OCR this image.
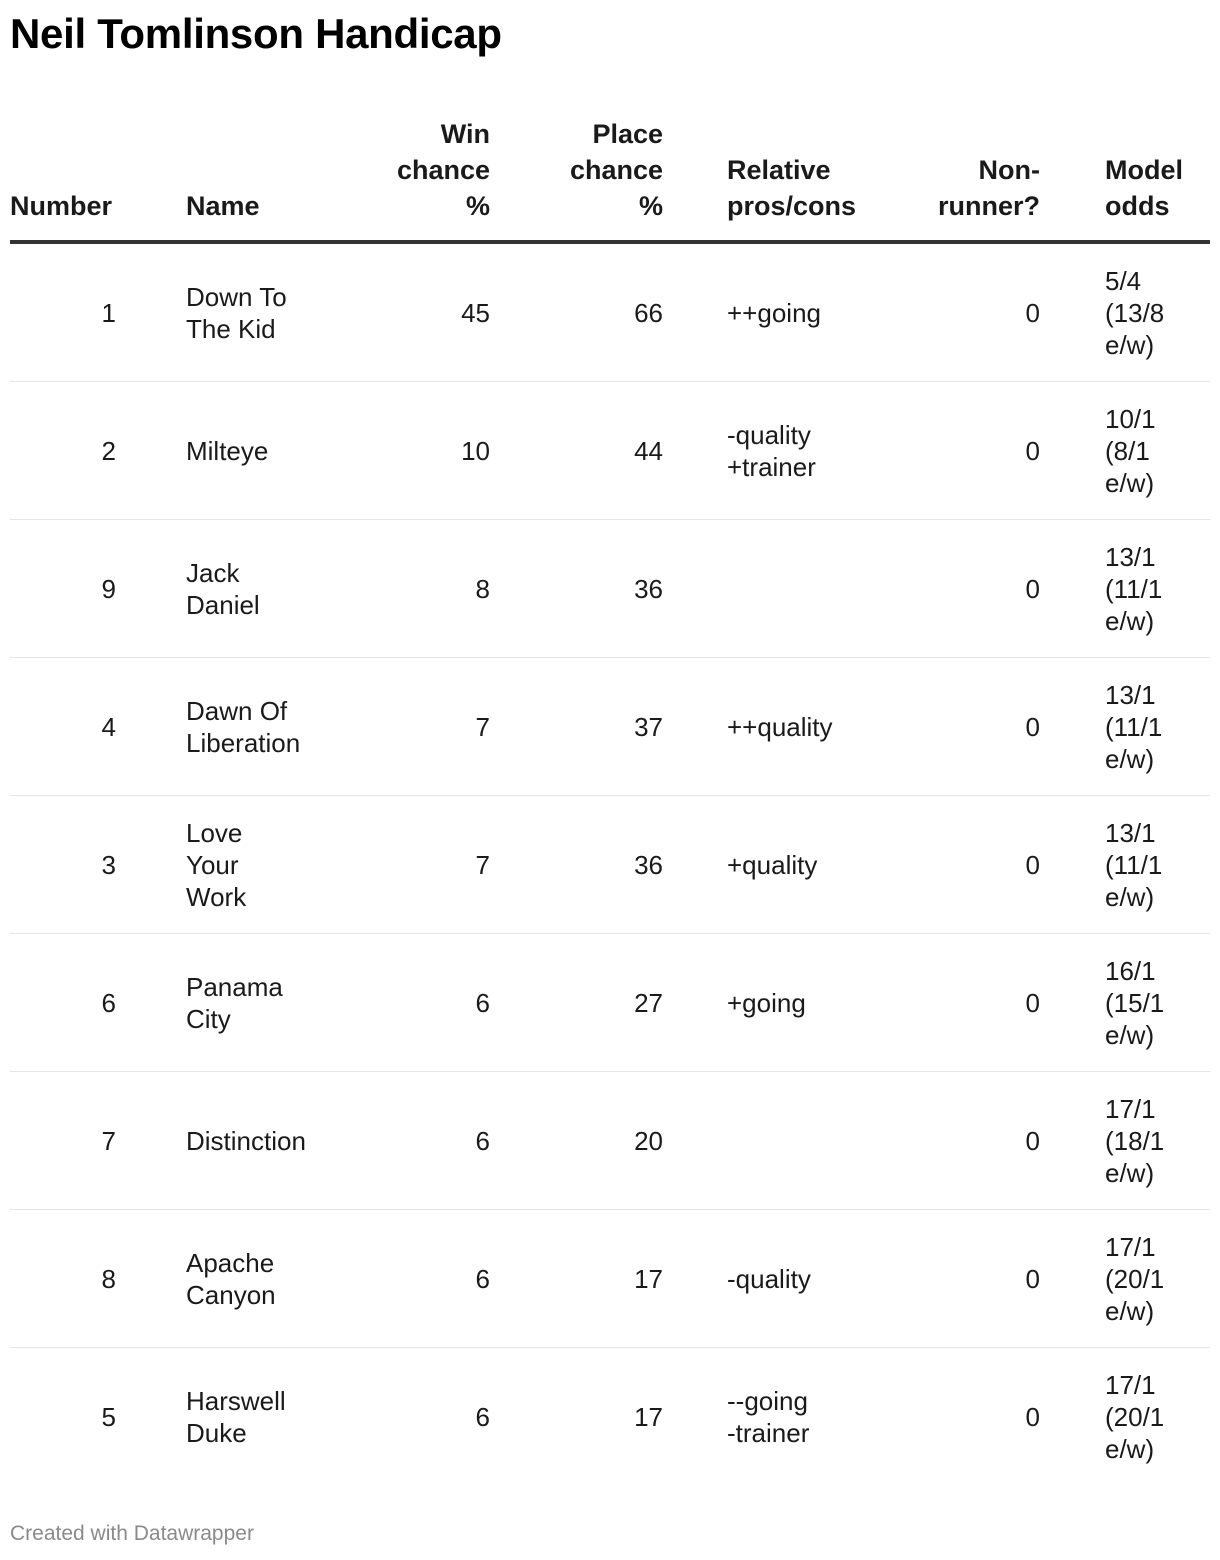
Neil Tomlinson Handicap
Number	Name	Win
chance
%	Place
chance
%	Relative
pros/cons	Non-
runner?	Model
odds
1	Down To
The Kid	45	66	++going	0	5/4
(13/8
e/w)
2	Milteye	10	44	-quality
+trainer	0	10/1
(8/1
e/w)
9	Jack
Daniel	8	36		0	13/1
(11/1
e/w)
4	Dawn Of
Liberation	7	37	++quality	0	13/1
(11/1
e/w)
3	Love Your
Work	7	36	+quality	0	13/1
(11/1
e/w)
6	Panama
City	6	27	+going	0	16/1
(15/1
e/w)
7	Distinction	6	20		0	17/1
(18/1
e/w)
8	Apache
Canyon	6	17	-quality	0	17/1
(20/1
e/w)
5	Harswell
Duke	6	17	--going
-trainer	0	17/1
(20/1
e/w)
Created with Datawrapper
